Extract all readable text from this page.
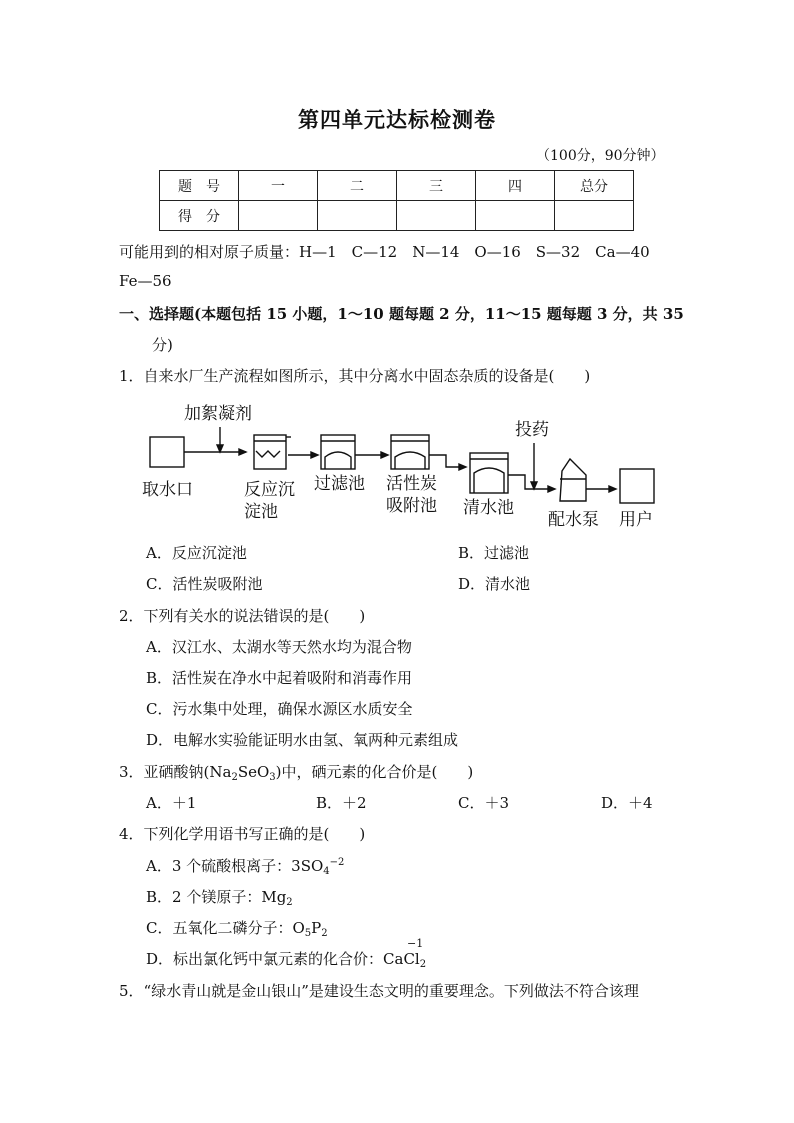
第四单元达标检测卷
（100分，90分钟）
题　号	一	二	三	四	总分
得　分					
可能用到的相对原子质量：H—1　C—12　N—14　O—16　S—32　Ca—40
Fe—56
一、选择题(本题包括 15 小题，1～10 题每题 2 分，11～15 题每题 3 分，共 35
分)
1．自来水厂生产流程如图所示，其中分离水中固态杂质的设备是(　　)
加絮凝剂
取水口	反应沉
淀池
过滤池 活性炭
吸附池 清水池
投药
配水泵 用户
A．反应沉淀池	B．过滤池
C．活性炭吸附池	D．清水池
2．下列有关水的说法错误的是(　　)
A．汉江水、太湖水等天然水均为混合物
B．活性炭在净水中起着吸附和消毒作用
C．污水集中处理，确保水源区水质安全
D．电解水实验能证明水由氢、氧两种元素组成
3．亚硒酸钠$(Na_2SeO_3)$中，硒元素的化合价是(　　)
A．＋1	B．＋2	C．＋3	D．＋4
4．下列化学用语书写正确的是(　　)
A．3 个硫酸根离子：$3SO_4^{-2}$
B．2 个镁原子：$Mg_2$
C．五氧化二磷分子：$O_5P_2$
D．标出氯化钙中氯元素的化合价：
−1
CaCl$_2$
5．“绿水青山就是金山银山”是建设生态文明的重要理念。下列做法不符合该理
